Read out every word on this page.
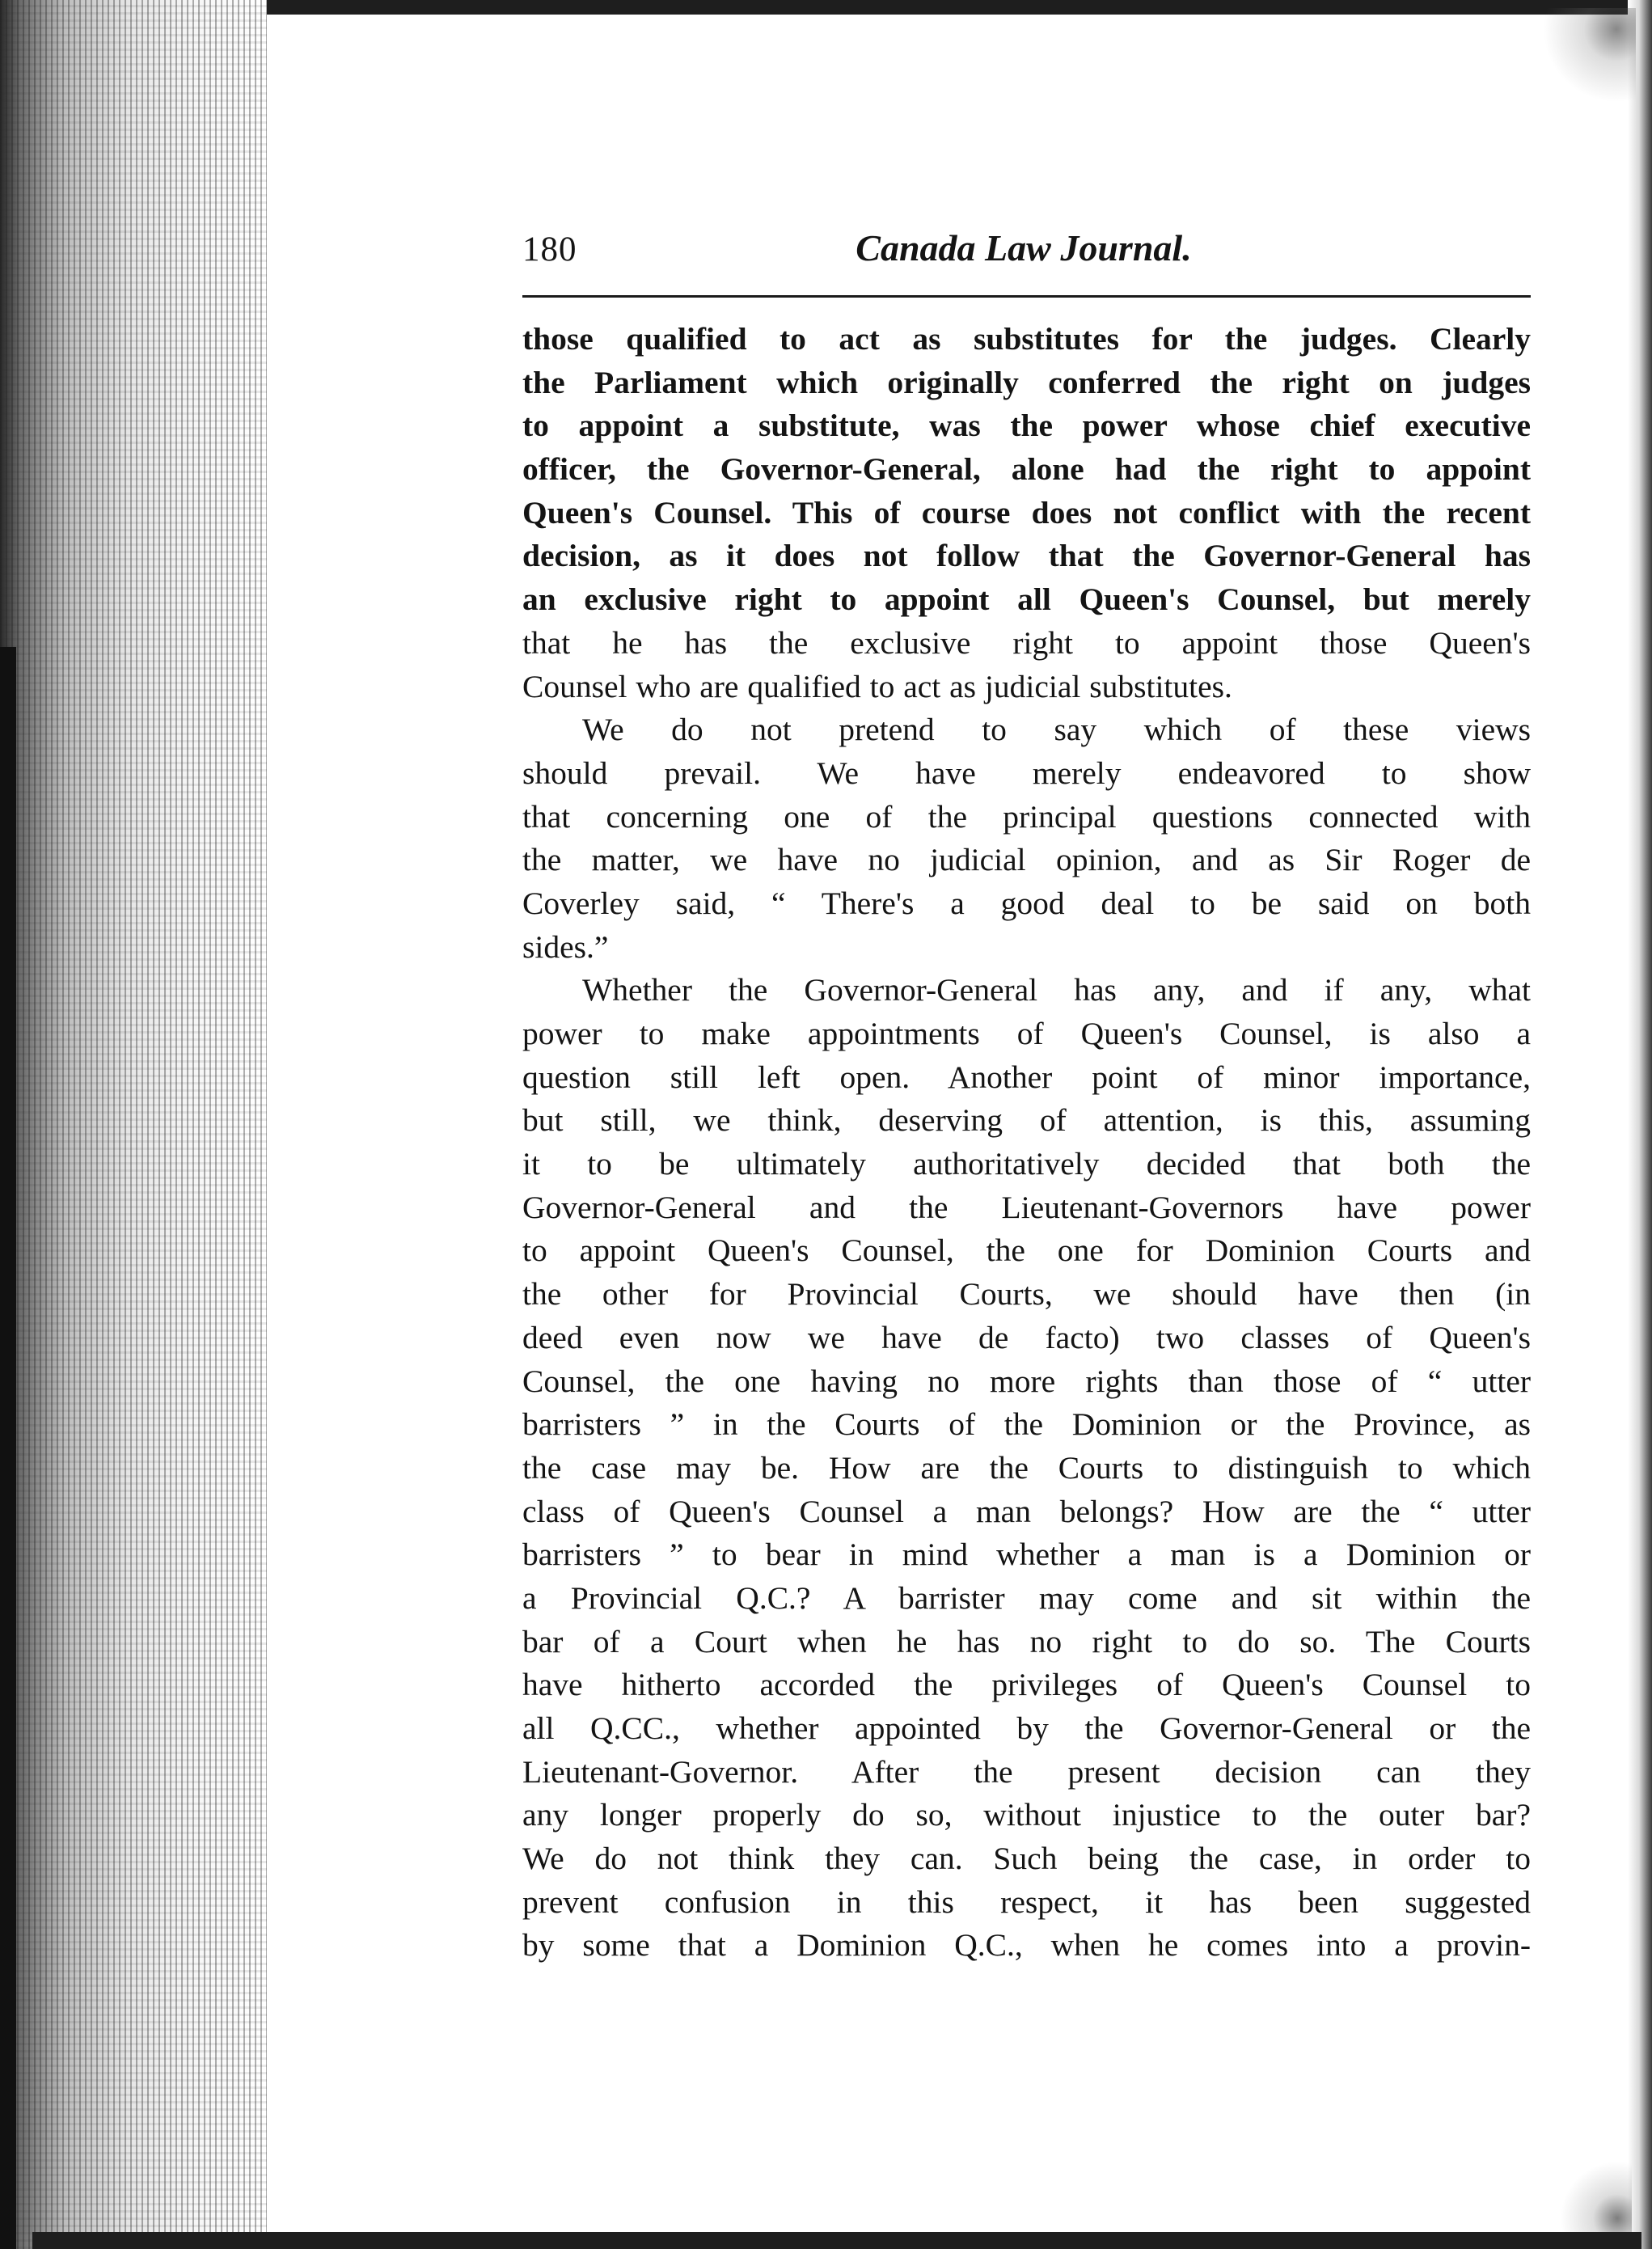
180	Canada Law Journal.
those qualified to act as substitutes for the judges. Clearly
the Parliament which originally conferred the right on judges
to appoint a substitute, was the power whose chief executive
officer, the Governor-General, alone had the right to appoint
Queen's Counsel. This of course does not conflict with the recent
decision, as it does not follow that the Governor-General has
an exclusive right to appoint all Queen's Counsel, but merely
that he has the exclusive right to appoint those Queen's
Counsel who are qualified to act as judicial substitutes.
We do not pretend to say which of these views
should prevail. We have merely endeavored to show
that concerning one of the principal questions connected with
the matter, we have no judicial opinion, and as Sir Roger de
Coverley said, “ There's a good deal to be said on both
sides.”
Whether the Governor-General has any, and if any, what
power to make appointments of Queen's Counsel, is also a
question still left open. Another point of minor importance,
but still, we think, deserving of attention, is this, assuming
it to be ultimately authoritatively decided that both the
Governor-General and the Lieutenant-Governors have power
to appoint Queen's Counsel, the one for Dominion Courts and
the other for Provincial Courts, we should have then (in
deed even now we have de facto) two classes of Queen's
Counsel, the one having no more rights than those of “ utter
barristers ” in the Courts of the Dominion or the Province, as
the case may be. How are the Courts to distinguish to which
class of Queen's Counsel a man belongs? How are the “ utter
barristers ” to bear in mind whether a man is a Dominion or
a Provincial Q.C.? A barrister may come and sit within the
bar of a Court when he has no right to do so. The Courts
have hitherto accorded the privileges of Queen's Counsel to
all Q.CC., whether appointed by the Governor-General or the
Lieutenant-Governor. After the present decision can they
any longer properly do so, without injustice to the outer bar?
We do not think they can. Such being the case, in order to
prevent confusion in this respect, it has been suggested
by some that a Dominion Q.C., when he comes into a provin-
